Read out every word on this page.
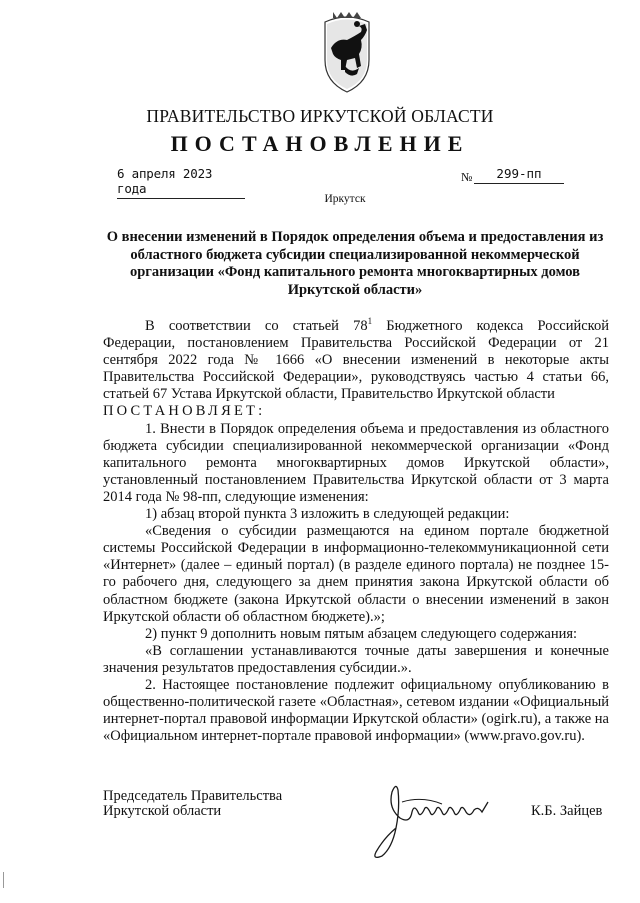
ПРАВИТЕЛЬСТВО ИРКУТСКОЙ ОБЛАСТИ
ПОСТАНОВЛЕНИЕ
6 апреля 2023 года
№	299-пп
Иркутск
О внесении изменений в Порядок определения объема и предоставления из областного бюджета субсидии специализированной некоммерческой организации «Фонд капитального ремонта многоквартирных домов Иркутской области»

В соответствии со статьей $78^1$ Бюджетного кодекса Российской Федерации, постановлением Правительства Российской Федерации от 21 сентября 2022 года № 1666 «О внесении изменений в некоторые акты Правительства Российской Федерации», руководствуясь частью 4 статьи 66, статьей 67 Устава Иркутской области, Правительство Иркутской области

ПОСТАНОВЛЯЕТ:

1. Внести в Порядок определения объема и предоставления из областного бюджета субсидии специализированной некоммерческой организации «Фонд капитального ремонта многоквартирных домов Иркутской области», установленный постановлением Правительства Иркутской области от 3 марта 2014 года № 98-пп, следующие изменения:

1) абзац второй пункта 3 изложить в следующей редакции:

«Сведения о субсидии размещаются на едином портале бюджетной системы Российской Федерации в информационно-телекоммуникационной сети «Интернет» (далее – единый портал) (в разделе единого портала) не позднее 15-го рабочего дня, следующего за днем принятия закона Иркутской области об областном бюджете (закона Иркутской области о внесении изменений в закон Иркутской области об областном бюджете).»;

2) пункт 9 дополнить новым пятым абзацем следующего содержания:

«В соглашении устанавливаются точные даты завершения и конечные значения результатов предоставления субсидии.».

2. Настоящее постановление подлежит официальному опубликованию в общественно-политической газете «Областная», сетевом издании «Официальный интернет-портал правовой информации Иркутской области» (ogirk.ru), а также на «Официальном интернет-портале правовой информации» (www.pravo.gov.ru).

Председатель Правительства
Иркутской области	К.Б. Зайцев
